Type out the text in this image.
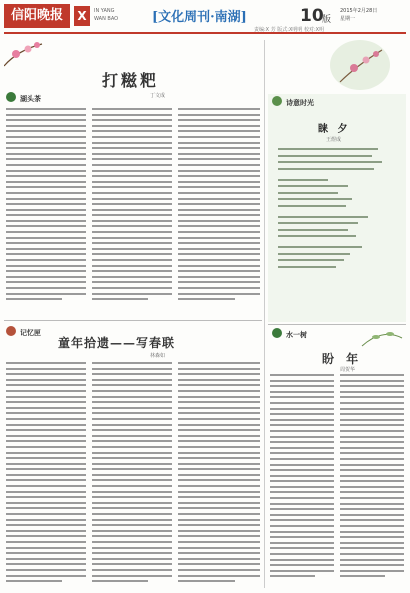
信阳晚报	X	IN YANG
WAN BAO	[文化周刊·南湖]	10
版
2015年2月28日
星期一
责编:X 芳 版式:X明明 校对:X明
湖头茶
打糍粑
丁文成
记忆匣
童年拾遗——写春联
林森如
诗意时光
睐 夕
王煜成
水一树
盼 年
周贺华
